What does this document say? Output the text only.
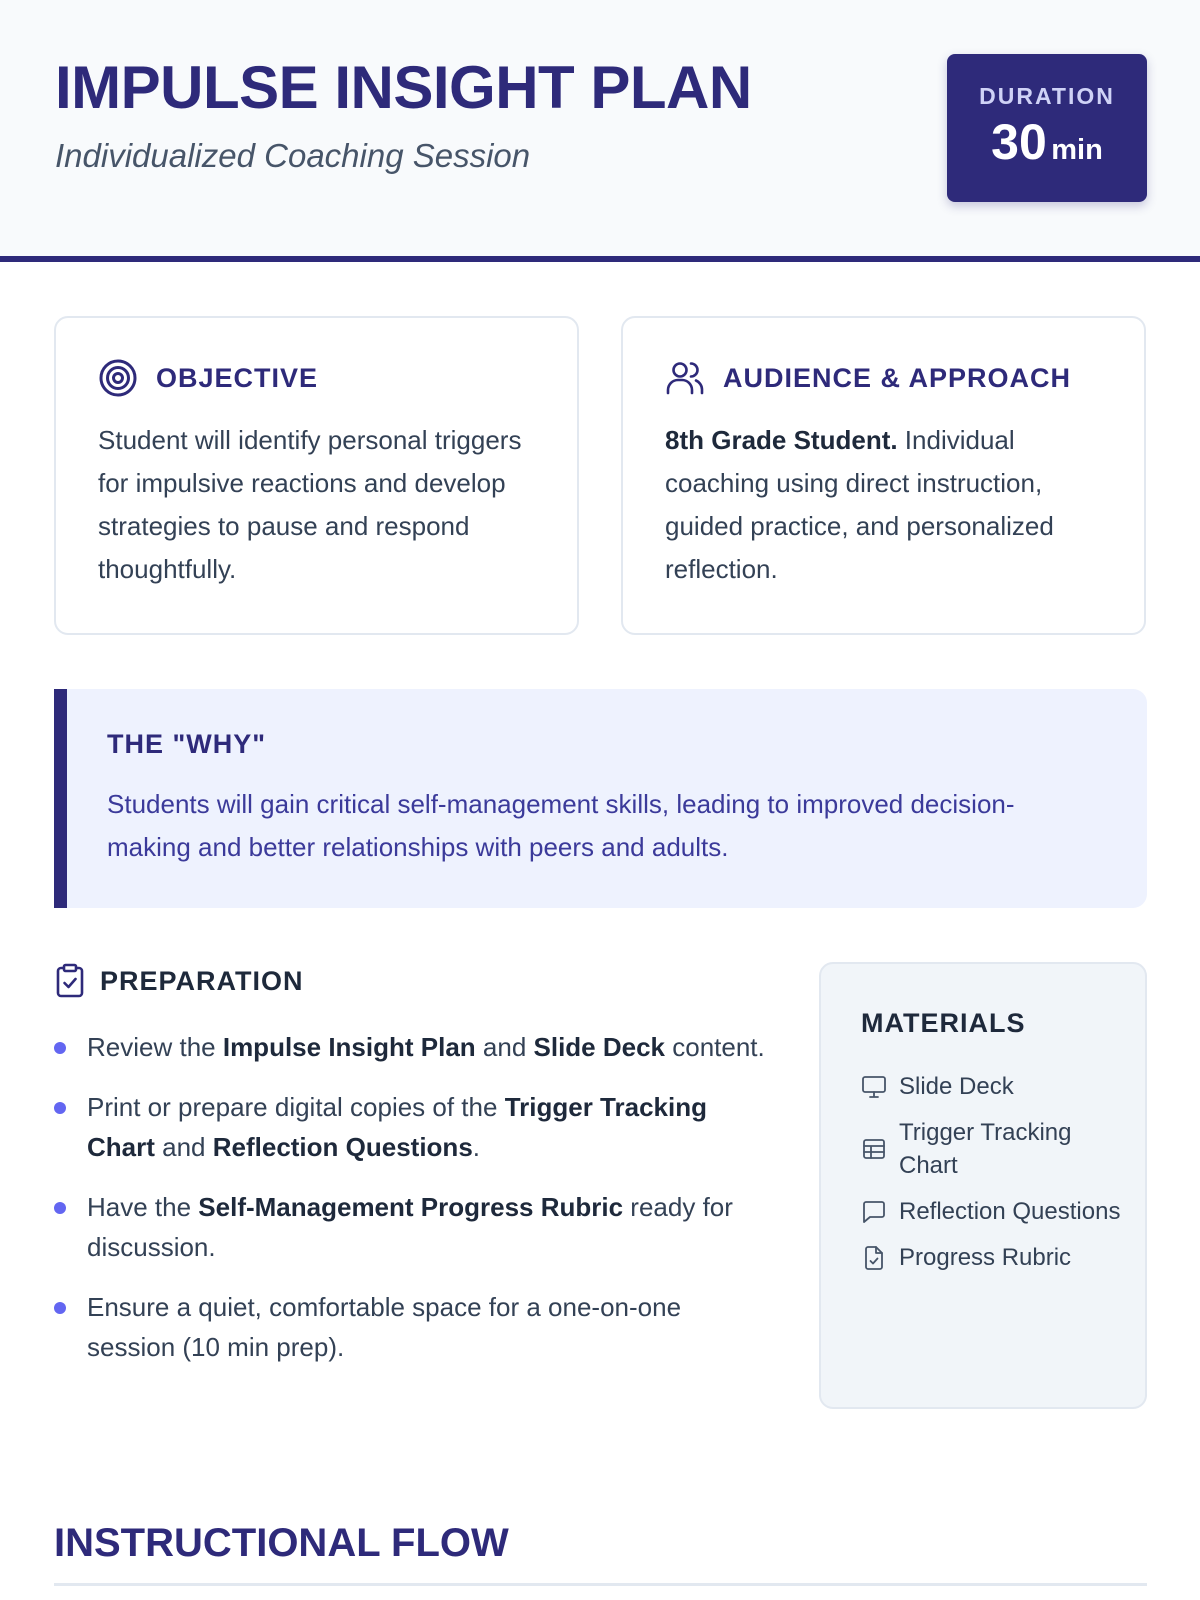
IMPULSE INSIGHT PLAN
Individualized Coaching Session
DURATION
30 min
OBJECTIVE
Student will identify personal triggers for impulsive reactions and develop strategies to pause and respond thoughtfully.
AUDIENCE & APPROACH
8th Grade Student. Individual coaching using direct instruction, guided practice, and personalized reflection.
THE "WHY"
Students will gain critical self-management skills, leading to improved decision-making and better relationships with peers and adults.
PREPARATION
Review the Impulse Insight Plan and Slide Deck content.
Print or prepare digital copies of the Trigger Tracking Chart and Reflection Questions.
Have the Self-Management Progress Rubric ready for discussion.
Ensure a quiet, comfortable space for a one-on-one session (10 min prep).
MATERIALS
Slide Deck
Trigger Tracking Chart
Reflection Questions
Progress Rubric
INSTRUCTIONAL FLOW
